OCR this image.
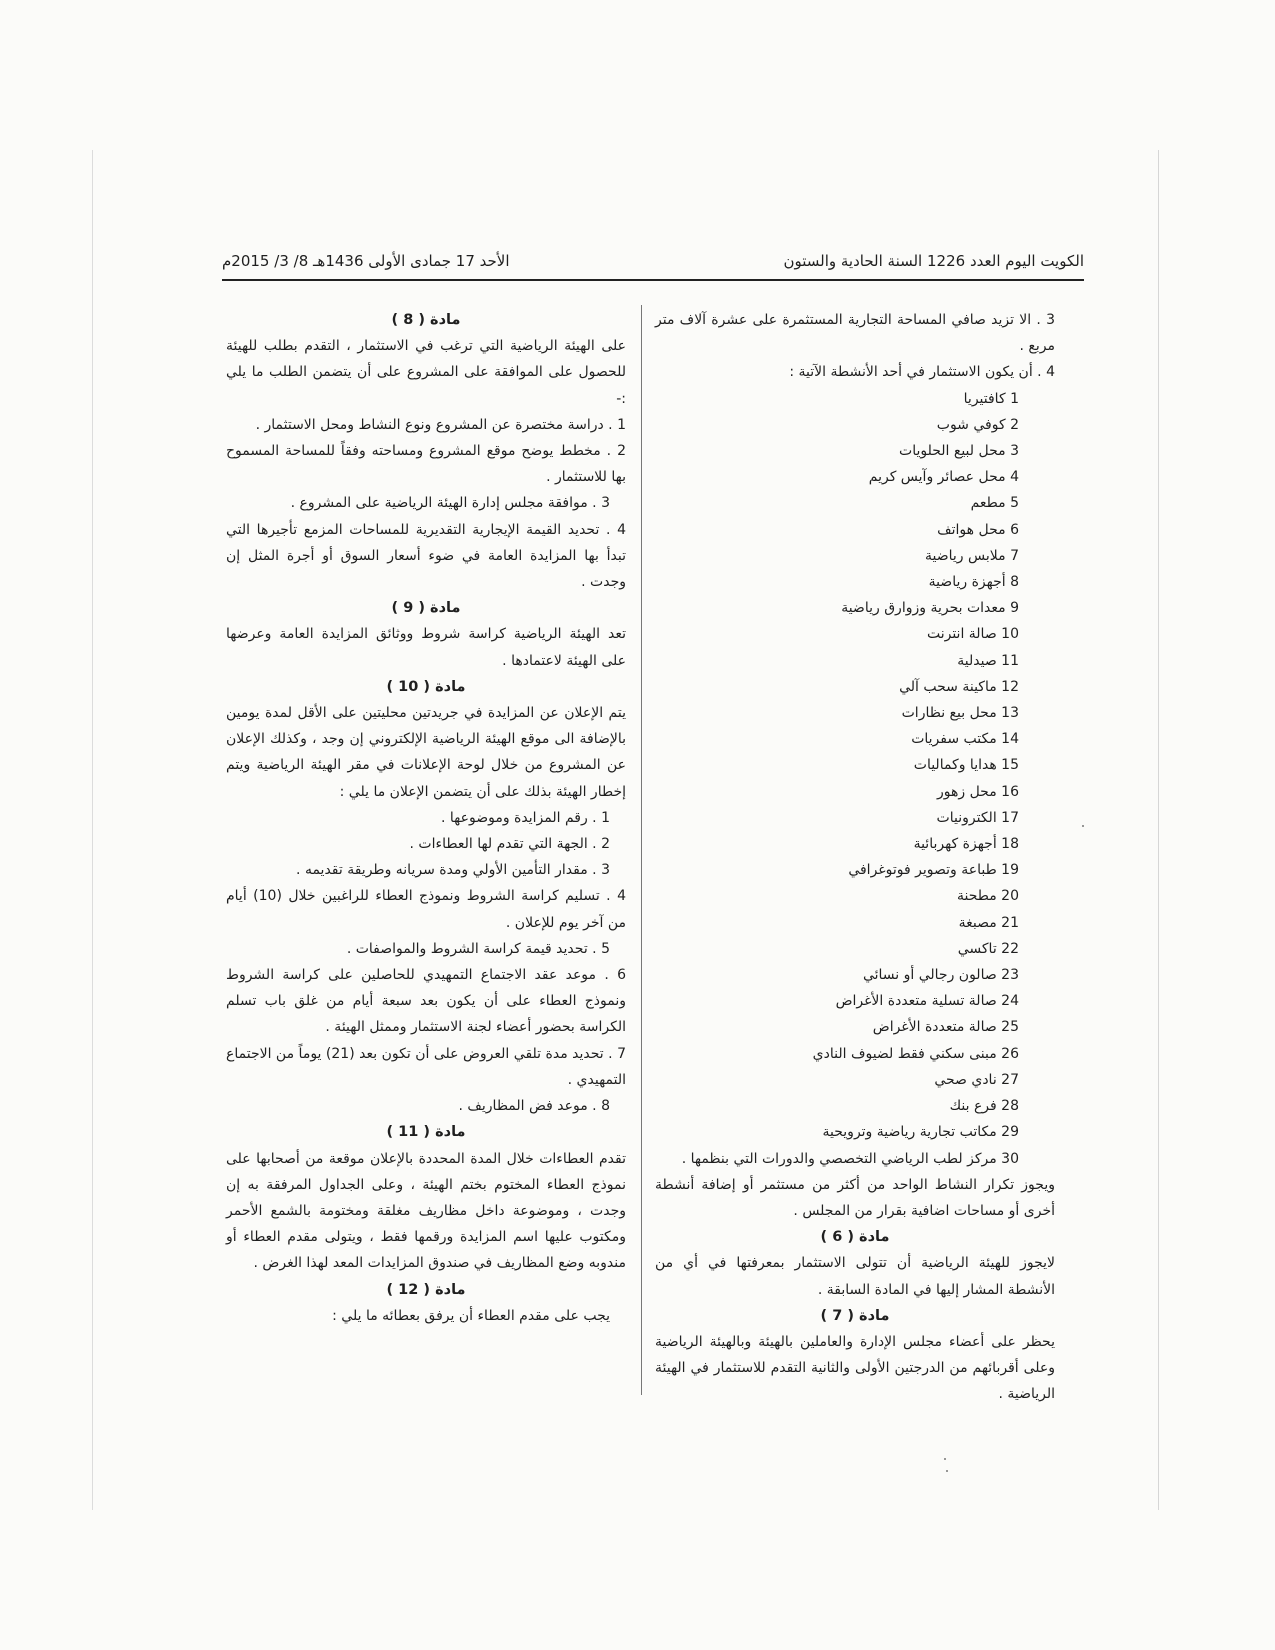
الكويت اليوم العدد 1226 السنة الحادية والستون
الأحد 17 جمادى الأولى 1436هـ 8/ 3/ 2015م

3 . الا تزيد صافي المساحة التجارية المستثمرة على عشرة آلاف متر مربع .

4 . أن يكون الاستثمار في أحد الأنشطة الآتية :

1 كافتيريا
2 كوفي شوب
3 محل لبيع الحلويات
4 محل عصائر وآيس كريم
5 مطعم
6 محل هواتف
7 ملابس رياضية
8 أجهزة رياضية
9 معدات بحرية وزوارق رياضية
10 صالة انترنت
11 صيدلية
12 ماكينة سحب آلي
13 محل بيع نظارات
14 مكتب سفريات
15 هدايا وكماليات
16 محل زهور
17 الكترونيات
18 أجهزة كهربائية
19 طباعة وتصوير فوتوغرافي
20 مطحنة
21 مصبغة
22 تاكسي
23 صالون رجالي أو نسائي
24 صالة تسلية متعددة الأغراض
25 صالة متعددة الأغراض
26 مبنى سكني فقط لضيوف النادي
27 نادي صحي
28 فرع بنك
29 مكاتب تجارية رياضية وترويحية
30 مركز لطب الرياضي التخصصي والدورات التي بنظمها .

ويجوز تكرار النشاط الواحد من أكثر من مستثمر أو إضافة أنشطة أخرى أو مساحات اضافية بقرار من المجلس .

مادة ( 6 )

لايجوز للهيئة الرياضية أن تتولى الاستثمار بمعرفتها في أي من الأنشطة المشار إليها في المادة السابقة .

مادة ( 7 )

يحظر على أعضاء مجلس الإدارة والعاملين بالهيئة وبالهيئة الرياضية وعلى أقربائهم من الدرجتين الأولى والثانية التقدم للاستثمار في الهيئة الرياضية .

مادة ( 8 )

على الهيئة الرياضية التي ترغب في الاستثمار ، التقدم بطلب للهيئة للحصول على الموافقة على المشروع على أن يتضمن الطلب ما يلي :-

1 . دراسة مختصرة عن المشروع ونوع النشاط ومحل الاستثمار .

2 . مخطط يوضح موقع المشروع ومساحته وفقاً للمساحة المسموح بها للاستثمار .

3 . موافقة مجلس إدارة الهيئة الرياضية على المشروع .

4 . تحديد القيمة الإيجارية التقديرية للمساحات المزمع تأجيرها التي تبدأ بها المزايدة العامة في ضوء أسعار السوق أو أجرة المثل إن وجدت .

مادة ( 9 )

تعد الهيئة الرياضية كراسة شروط ووثائق المزايدة العامة وعرضها على الهيئة لاعتمادها .

مادة ( 10 )

يتم الإعلان عن المزايدة في جريدتين محليتين على الأقل لمدة يومين بالإضافة الى موقع الهيئة الرياضية الإلكتروني إن وجد ، وكذلك الإعلان عن المشروع من خلال لوحة الإعلانات في مقر الهيئة الرياضية ويتم إخطار الهيئة بذلك على أن يتضمن الإعلان ما يلي :

1 . رقم المزايدة وموضوعها .

2 . الجهة التي تقدم لها العطاءات .

3 . مقدار التأمين الأولي ومدة سريانه وطريقة تقديمه .

4 . تسليم كراسة الشروط ونموذج العطاء للراغبين خلال (10) أيام من آخر يوم للإعلان .

5 . تحديد قيمة كراسة الشروط والمواصفات .

6 . موعد عقد الاجتماع التمهيدي للحاصلين على كراسة الشروط ونموذج العطاء على أن يكون بعد سبعة أيام من غلق باب تسلم الكراسة بحضور أعضاء لجنة الاستثمار وممثل الهيئة .

7 . تحديد مدة تلقي العروض على أن تكون بعد (21) يوماً من الاجتماع التمهيدي .

8 . موعد فض المظاريف .

مادة ( 11 )

تقدم العطاءات خلال المدة المحددة بالإعلان موقعة من أصحابها على نموذج العطاء المختوم بختم الهيئة ، وعلى الجداول المرفقة به إن وجدت ، وموضوعة داخل مظاريف مغلقة ومختومة بالشمع الأحمر ومكتوب عليها اسم المزايدة ورقمها فقط ، ويتولى مقدم العطاء أو مندوبه وضع المظاريف في صندوق المزايدات المعد لهذا الغرض .

مادة ( 12 )

يجب على مقدم العطاء أن يرفق بعطائه ما يلي :
